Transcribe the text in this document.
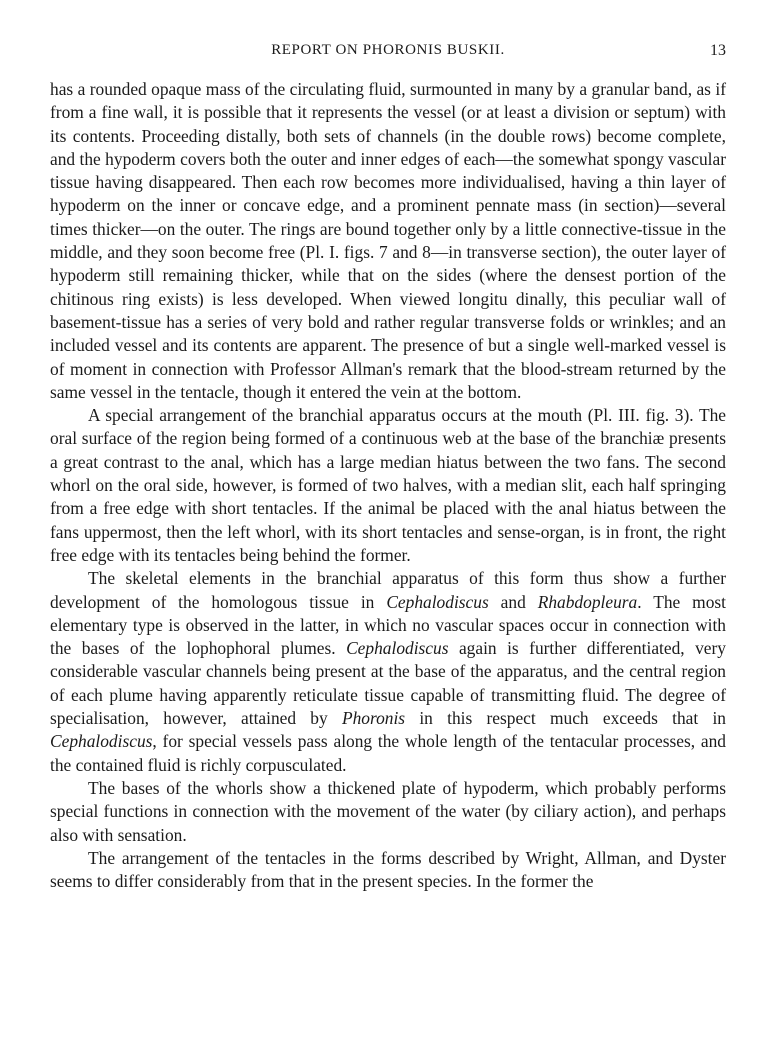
REPORT ON PHORONIS BUSKII.	13

has a rounded opaque mass of the circulating fluid, surmounted in many by a granular band, as if from a fine wall, it is possible that it represents the vessel (or at least a division or septum) with its contents. Proceeding distally, both sets of channels (in the double rows) become complete, and the hypoderm covers both the outer and inner edges of each—the somewhat spongy vascular tissue having disappeared. Then each row becomes more individualised, having a thin layer of hypoderm on the inner or concave edge, and a prominent pennate mass (in section)—several times thicker—on the outer. The rings are bound together only by a little connective-tissue in the middle, and they soon become free (Pl. I. figs. 7 and 8—in transverse section), the outer layer of hypoderm still remaining thicker, while that on the sides (where the densest portion of the chitinous ring exists) is less developed. When viewed longitu dinally, this peculiar wall of basement-tissue has a series of very bold and rather regular transverse folds or wrinkles; and an included vessel and its contents are apparent. The presence of but a single well-marked vessel is of moment in connection with Professor Allman's remark that the blood-stream returned by the same vessel in the tentacle, though it entered the vein at the bottom.

A special arrangement of the branchial apparatus occurs at the mouth (Pl. III. fig. 3). The oral surface of the region being formed of a continuous web at the base of the branchiæ presents a great contrast to the anal, which has a large median hiatus between the two fans. The second whorl on the oral side, however, is formed of two halves, with a median slit, each half springing from a free edge with short tentacles. If the animal be placed with the anal hiatus between the fans uppermost, then the left whorl, with its short tentacles and sense-organ, is in front, the right free edge with its tentacles being behind the former.

The skeletal elements in the branchial apparatus of this form thus show a further development of the homologous tissue in Cephalodiscus and Rhabdopleura. The most elementary type is observed in the latter, in which no vascular spaces occur in connection with the bases of the lophophoral plumes. Cephalodiscus again is further differentiated, very considerable vascular channels being present at the base of the apparatus, and the central region of each plume having apparently reticulate tissue capable of transmitting fluid. The degree of specialisation, however, attained by Phoronis in this respect much exceeds that in Cephalodiscus, for special vessels pass along the whole length of the tentacular processes, and the contained fluid is richly corpusculated.

The bases of the whorls show a thickened plate of hypoderm, which probably performs special functions in connection with the movement of the water (by ciliary action), and perhaps also with sensation.

The arrangement of the tentacles in the forms described by Wright, Allman, and Dyster seems to differ considerably from that in the present species. In the former the
